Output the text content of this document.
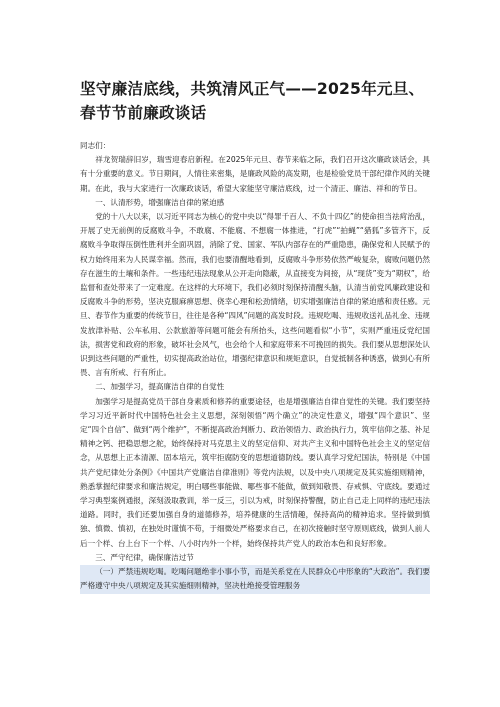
坚守廉洁底线，共筑清风正气——2025年元旦、春节节前廉政谈话

同志们：

祥龙贺瑞辞旧岁，瑞雪迎春启新程。在2025年元旦、春节来临之际，我们召开这次廉政谈话会，具有十分重要的意义。节日期间，人情往来密集，是廉政风险的高发期，也是检验党员干部纪律作风的关键期。在此，我与大家进行一次廉政谈话，希望大家能坚守廉洁底线，过一个清正、廉洁、祥和的节日。

一、认清形势，增强廉洁自律的紧迫感

党的十八大以来，以习近平同志为核心的党中央以“得罪千百人、不负十四亿”的使命担当祛疴治乱，开展了史无前例的反腐败斗争，不敢腐、不能腐、不想腐一体推进，“打虎”“拍蝇”“猎狐”多管齐下，反腐败斗争取得压倒性胜利并全面巩固，消除了党、国家、军队内部存在的严重隐患，确保党和人民赋予的权力始终用来为人民谋幸福。然而，我们也要清醒地看到，反腐败斗争形势依然严峻复杂，腐败问题仍然存在滋生的土壤和条件。一些违纪违法现象从公开走向隐蔽，从直接变为间接，从“现货”变为“期权”，给监督和查处带来了一定难度。在这样的大环境下，我们必须时刻保持清醒头脑，认清当前党风廉政建设和反腐败斗争的形势，坚决克服麻痹思想、侥幸心理和松劲情绪，切实增强廉洁自律的紧迫感和责任感。元旦、春节作为重要的传统节日，往往是各种“四风”问题的高发时段。违规吃喝、违规收送礼品礼金、违规发放津补贴、公车私用、公款旅游等问题可能会有所抬头，这些问题看似“小节”，实则严重违反党纪国法，损害党和政府的形象，破坏社会风气，也会给个人和家庭带来不可挽回的损失。我们要从思想深处认识到这些问题的严重性，切实提高政治站位，增强纪律意识和规矩意识，自觉抵制各种诱惑，做到心有所畏、言有所戒、行有所止。

二、加强学习，提高廉洁自律的自觉性

加强学习是提高党员干部自身素质和修养的重要途径，也是增强廉洁自律自觉性的关键。我们要坚持学习习近平新时代中国特色社会主义思想，深刻领悟“两个确立”的决定性意义，增强“四个意识”、坚定“四个自信”、做到“两个维护”，不断提高政治判断力、政治领悟力、政治执行力，筑牢信仰之基、补足精神之钙、把稳思想之舵，始终保持对马克思主义的坚定信仰、对共产主义和中国特色社会主义的坚定信念，从思想上正本清源、固本培元，筑牢拒腐防变的思想道德防线。要认真学习党纪国法，特别是《中国共产党纪律处分条例》《中国共产党廉洁自律准则》等党内法规，以及中央八项规定及其实施细则精神，熟悉掌握纪律要求和廉洁规定，明白哪些事能做、哪些事不能做，做到知敬畏、存戒惧、守底线。要通过学习典型案例通报，深刻汲取教训，举一反三，引以为戒，时刻保持警醒，防止自己走上同样的违纪违法道路。同时，我们还要加强自身的道德修养，培养健康的生活情趣，保持高尚的精神追求。坚持做到慎独、慎微、慎初，在独处时谨慎不苟，于细微处严格要求自己，在初次接触时坚守原则底线，做到人前人后一个样、台上台下一个样、八小时内外一个样，始终保持共产党人的政治本色和良好形象。

三、严守纪律，确保廉洁过节

（一）严禁违规吃喝。吃喝问题绝非小事小节，而是关系党在人民群众心中形象的“大政治”。我们要严格遵守中央八项规定及其实施细则精神，坚决杜绝接受管理服务
